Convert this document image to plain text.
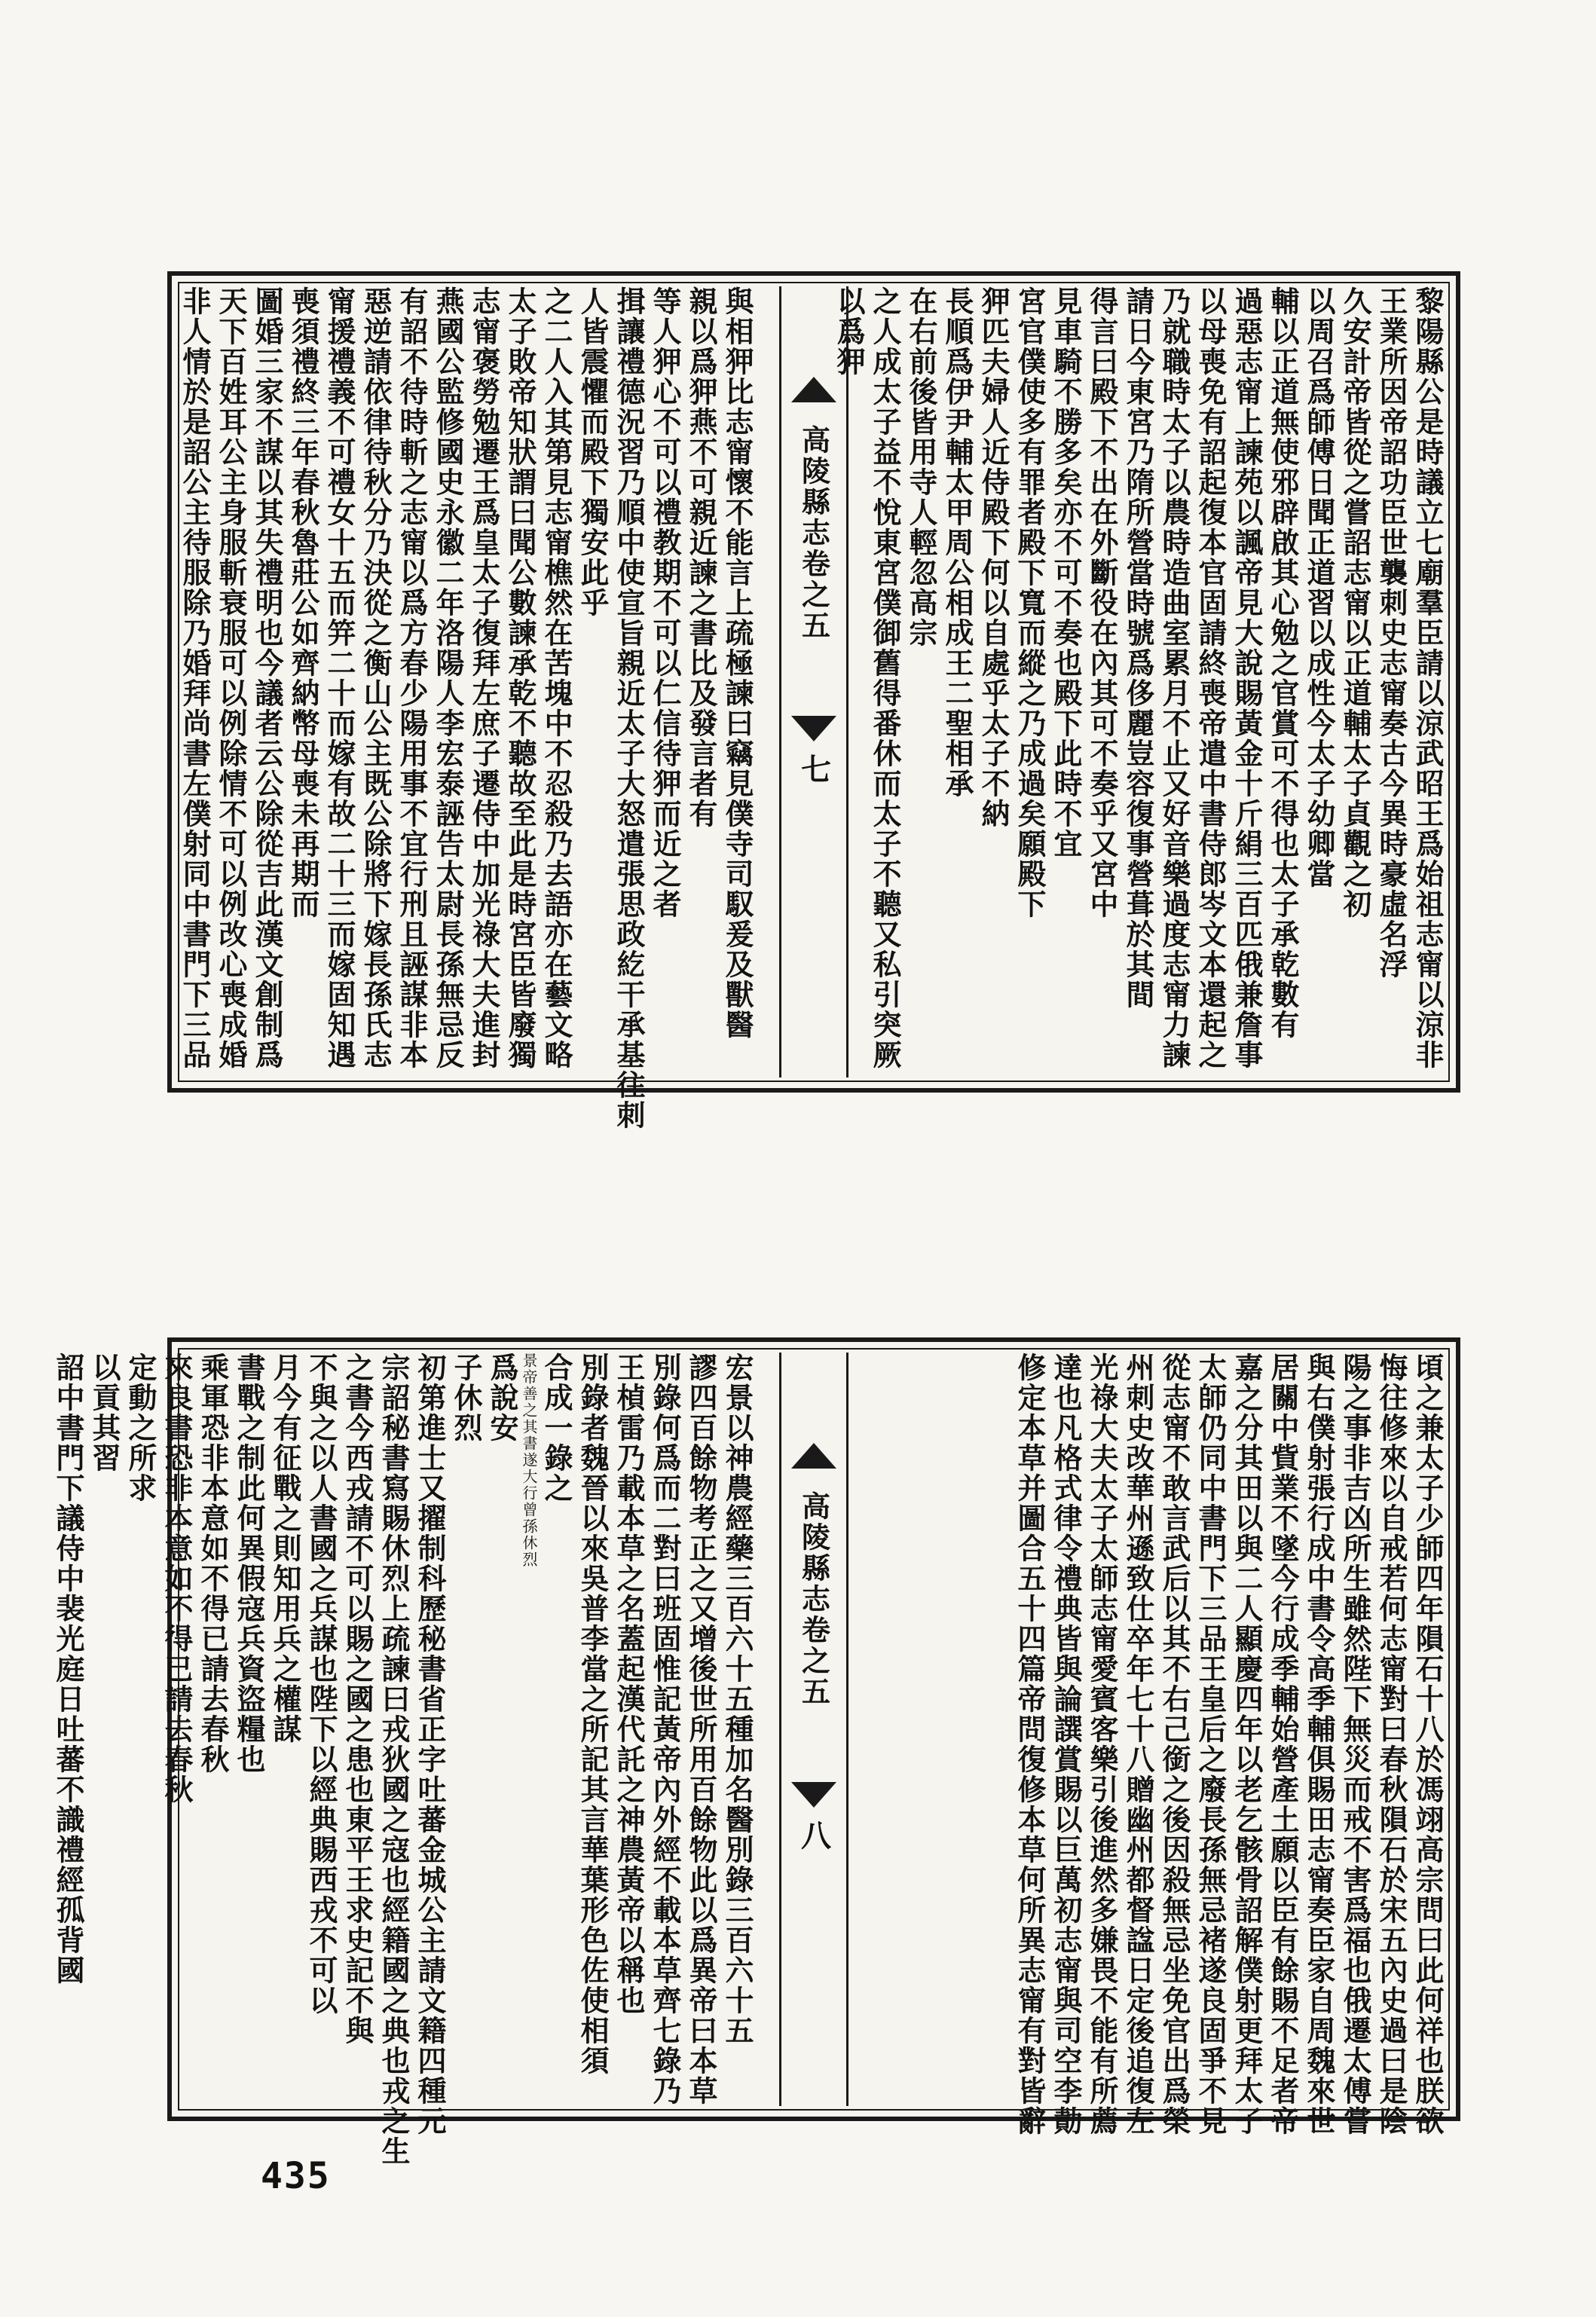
黎陽縣公是時議立七廟羣臣請以涼武昭王爲始祖志甯以涼非
王業所因帝詔功臣世襲刺史志甯奏古今異時豪虛名浮
久安計帝皆從之嘗詔志甯以正道輔太子貞觀之初
以周召爲師傅日聞正道習以成性今太子幼卿當
輔以正道無使邪辟啟其心勉之官賞可不得也太子承乾數有
過惡志甯上諫苑以諷帝見大說賜黃金十斤絹三百匹俄兼詹事
以母喪免有詔起復本官固請終喪帝遣中書侍郎岑文本還起之
乃就職時太子以農時造曲室累月不止又好音樂過度志甯力諫
請日今東宮乃隋所營當時號爲侈麗豈容復事營葺於其間
得言曰殿下不出在外斷役在內其可不奏乎又宮中
見車騎不勝多矣亦不可不奏也殿下此時不宜
宮官僕使多有罪者殿下寬而縱之乃成過矣願殿下
狎匹夫婦人近侍殿下何以自處乎太子不納
長順爲伊尹輔太甲周公相成王二聖相承
在右前後皆用寺人輕忽高宗
之人成太子益不悅東宮僕御舊得番休而太子不聽又私引突厥
以爲狎
高陵縣志卷之五
七
與相狎比志甯懷不能言上疏極諫曰竊見僕寺司馭爰及獸醫
親以爲狎燕不可親近諫之書比及發言者有
等人狎心不可以禮教期不可以仁信待狎而近之者
揖讓禮德況習乃順中使宣旨親近太子大怒遣張思政紇干承基往刺
人皆震懼而殿下獨安此乎
之二人入其第見志甯樵然在苦塊中不忍殺乃去語亦在藝文略
太子敗帝知狀謂曰聞公數諫承乾不聽故至此是時宮臣皆廢獨
志甯褒勞勉遷王爲皇太子復拜左庶子遷侍中加光祿大夫進封
燕國公監修國史永徽二年洛陽人李宏泰誣告太尉長孫無忌反
有詔不待時斬之志甯以爲方春少陽用事不宜行刑且誣謀非本
惡逆請依律待秋分乃決從之衡山公主既公除將下嫁長孫氏志
甯援禮義不可禮女十五而笄二十而嫁有故二十三而嫁固知遇
喪須禮終三年春秋魯莊公如齊納幣母喪未再期而
圖婚三家不謀以其失禮明也今議者云公除從吉此漢文創制爲
天下百姓耳公主身服斬衰服可以例除情不可以例改心喪成婚
非人情於是詔公主待服除乃婚拜尚書左僕射同中書門下三品
頃之兼太子少師四年隕石十八於馮翊高宗問曰此何祥也朕欲
悔往修來以自戒若何志甯對曰春秋隕石於宋五內史過曰是陰
陽之事非吉凶所生雖然陛下無災而戒不害爲福也俄遷太傅嘗
與右僕射張行成中書令高季輔俱賜田志甯奏臣家自周魏來世
居關中貲業不墜今行成季輔始營產土願以臣有餘賜不足者帝
嘉之分其田以與二人顯慶四年以老乞骸骨詔解僕射更拜太子
太師仍同中書門下三品王皇后之廢長孫無忌褚遂良固爭不見
從志甯不敢言武后以其不右己銜之後因殺無忌坐免官出爲榮
州刺史改華州遜致仕卒年七十八贈幽州都督諡日定後追復左
光祿大夫太子太師志甯愛賓客樂引後進然多嫌畏不能有所薦
達也凡格式律令禮典皆與論譔賞賜以巨萬初志甯與司空李勣
修定本草并圖合五十四篇帝問復修本草何所異志甯有對皆辭
高陵縣志卷之五
八
宏景以神農經藥三百六十五種加名醫別錄三百六十五
謬四百餘物考正之又增後世所用百餘物此以爲異帝曰本草
別錄何爲而二對曰班固惟記黃帝內外經不載本草齊七錄乃
王楨雷乃載本草之名蓋起漢代託之神農黃帝以稱也
別錄者魏晉以來吳普李當之所記其言華葉形色佐使相須
合成一錄之
景帝善之其書遂大行曾孫休烈
爲說安
子休烈
初第進士又擢制科歷秘書省正字吐蕃金城公主請文籍四種元
宗詔秘書寫賜休烈上疏諫曰戎狄國之寇也經籍國之典也戎之生
之書今西戎請不可以賜之國之患也東平王求史記不與
不與之以人書國之兵謀也陛下以經典賜西戎不可以
月今有征戰之則知用兵之權謀
書戰之制此何異假寇兵資盜糧也
乘軍恐非本意如不得已請去春秋
來良書恐非本意如不得已請去春秋
定動之所求
以貢其習
詔中書門下議侍中裴光庭日吐蕃不識禮經孤背國
435
